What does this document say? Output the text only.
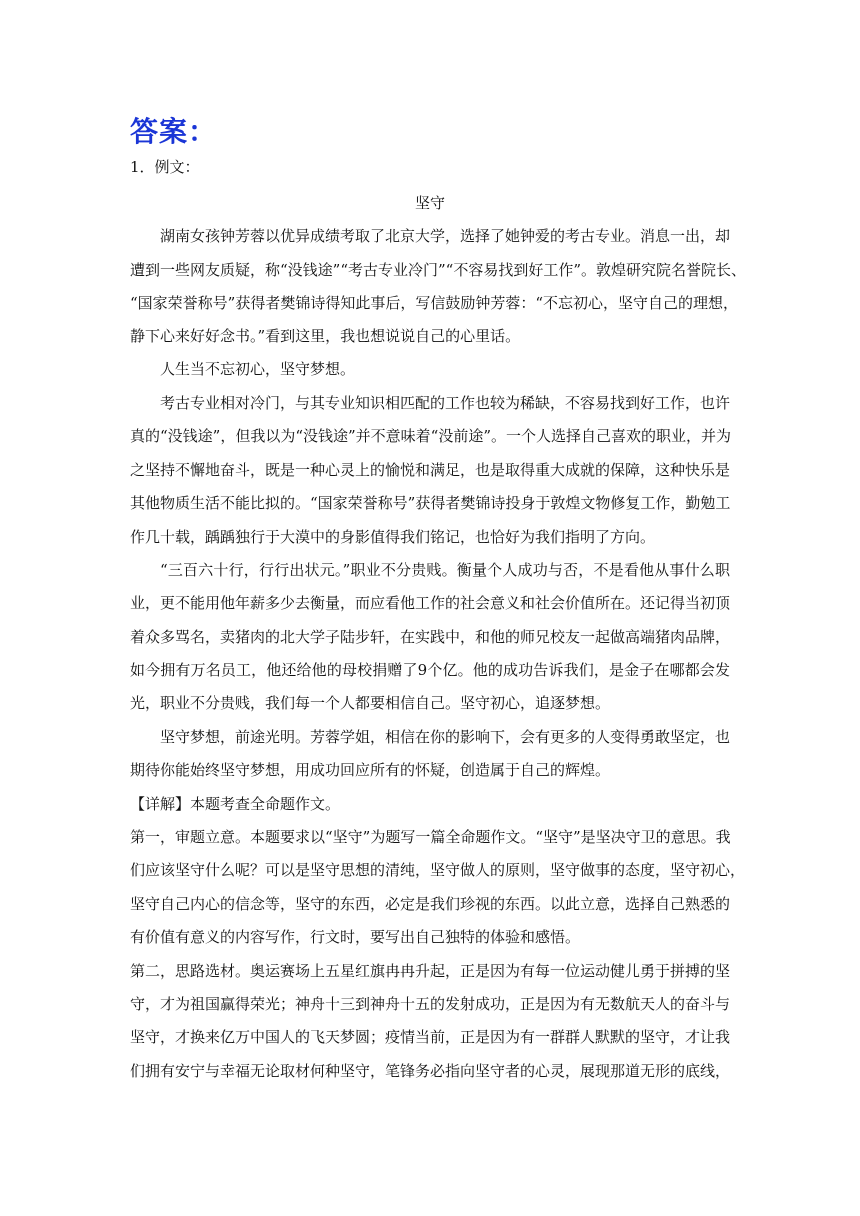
答案：
1．例文：
坚守
湖南女孩钟芳蓉以优异成绩考取了北京大学，选择了她钟爱的考古专业。消息一出，却
遭到一些网友质疑，称“没钱途”“考古专业冷门”“不容易找到好工作”。敦煌研究院名誉院长、
“国家荣誉称号”获得者樊锦诗得知此事后，写信鼓励钟芳蓉：“不忘初心，坚守自己的理想，
静下心来好好念书。”看到这里，我也想说说自己的心里话。
人生当不忘初心，坚守梦想。
考古专业相对冷门，与其专业知识相匹配的工作也较为稀缺，不容易找到好工作，也许
真的“没钱途”，但我以为“没钱途”并不意味着“没前途”。一个人选择自己喜欢的职业，并为
之坚持不懈地奋斗，既是一种心灵上的愉悦和满足，也是取得重大成就的保障，这种快乐是
其他物质生活不能比拟的。“国家荣誉称号”获得者樊锦诗投身于敦煌文物修复工作，勤勉工
作几十载，踽踽独行于大漠中的身影值得我们铭记，也恰好为我们指明了方向。
“三百六十行，行行出状元。”职业不分贵贱。衡量个人成功与否，不是看他从事什么职
业，更不能用他年薪多少去衡量，而应看他工作的社会意义和社会价值所在。还记得当初顶
着众多骂名，卖猪肉的北大学子陆步轩，在实践中，和他的师兄校友一起做高端猪肉品牌，
如今拥有万名员工，他还给他的母校捐赠了9个亿。他的成功告诉我们，是金子在哪都会发
光，职业不分贵贱，我们每一个人都要相信自己。坚守初心，追逐梦想。
坚守梦想，前途光明。芳蓉学姐，相信在你的影响下，会有更多的人变得勇敢坚定，也
期待你能始终坚守梦想，用成功回应所有的怀疑，创造属于自己的辉煌。
【详解】本题考查全命题作文。
第一，审题立意。本题要求以“坚守”为题写一篇全命题作文。“坚守”是坚决守卫的意思。我
们应该坚守什么呢？可以是坚守思想的清纯，坚守做人的原则，坚守做事的态度，坚守初心，
坚守自己内心的信念等，坚守的东西，必定是我们珍视的东西。以此立意，选择自己熟悉的
有价值有意义的内容写作，行文时，要写出自己独特的体验和感悟。
第二，思路选材。奥运赛场上五星红旗冉冉升起，正是因为有每一位运动健儿勇于拼搏的坚
守，才为祖国赢得荣光；神舟十三到神舟十五的发射成功，正是因为有无数航天人的奋斗与
坚守，才换来亿万中国人的飞天梦圆；疫情当前，正是因为有一群群人默默的坚守，才让我
们拥有安宁与幸福无论取材何种坚守，笔锋务必指向坚守者的心灵，展现那道无形的底线，
